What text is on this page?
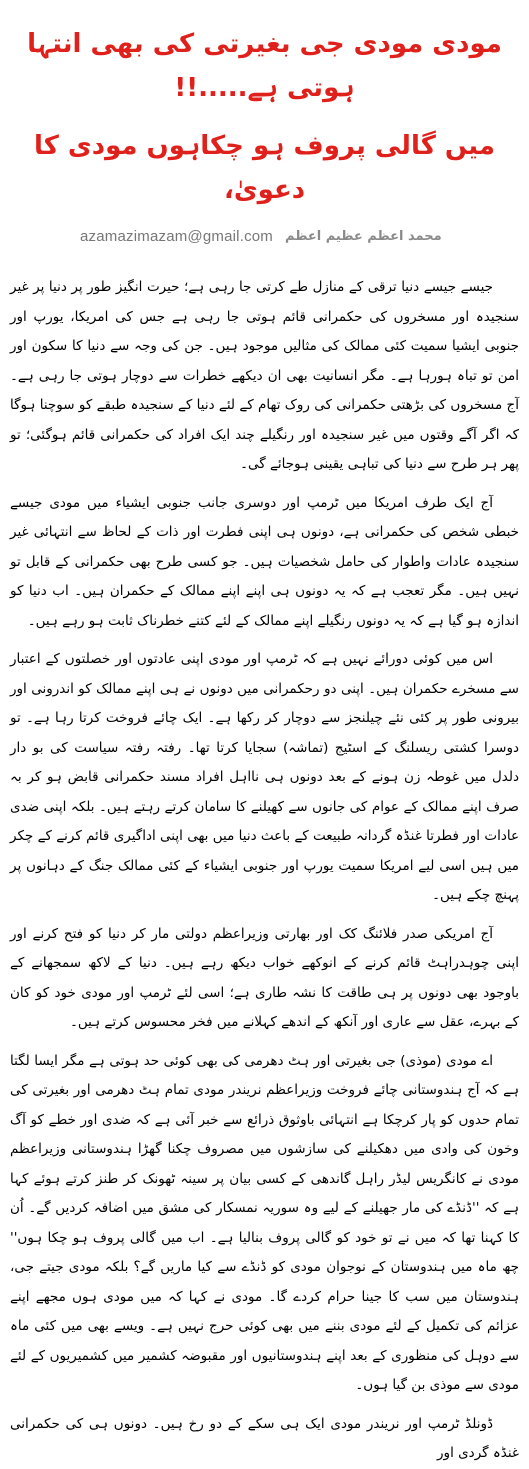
مودی مودی جی بغیرتی کی بھی انتہا ہوتی ہے.....!!
میں گالی پروف ہو چکاہوں مودی کا دعویٰ،
azamazimazam@gmail.com محمد اعظم عظیم اعظم

جیسے جیسے دنیا ترقی کے منازل طے کرتی جا رہی ہے؛ حیرت انگیز طور پر دنیا پر غیر سنجیدہ اور مسخروں کی حکمرانی قائم ہوتی جا رہی ہے جس کی امریکا، یورپ اور جنوبی ایشیا سمیت کئی ممالک کی مثالیں موجود ہیں۔ جن کی وجہ سے دنیا کا سکون اور امن تو تباہ ہورہا ہے۔ مگر انسانیت بھی ان دیکھے خطرات سے دوچار ہوتی جا رہی ہے۔ آج مسخروں کی بڑھتی حکمرانی کی روک تھام کے لئے دنیا کے سنجیدہ طبقے کو سوچنا ہوگا کہ اگر آگے وقتوں میں غیر سنجیدہ اور رنگیلے چند ایک افراد کی حکمرانی قائم ہوگئی؛ تو پھر ہر طرح سے دنیا کی تباہی یقینی ہوجائے گی۔

آج ایک طرف امریکا میں ٹرمپ اور دوسری جانب جنوبی ایشیاء میں مودی جیسے خبطی شخص کی حکمرانی ہے، دونوں ہی اپنی فطرت اور ذات کے لحاظ سے انتہائی غیر سنجیدہ عادات واطوار کی حامل شخصیات ہیں۔ جو کسی طرح بھی حکمرانی کے قابل تو نہیں ہیں۔ مگر تعجب ہے کہ یہ دونوں ہی اپنے اپنے ممالک کے حکمران ہیں۔ اب دنیا کو اندازہ ہو گیا ہے کہ یہ دونوں رنگیلے اپنے ممالک کے لئے کتنے خطرناک ثابت ہو رہے ہیں۔

اس میں کوئی دورائے نہیں ہے کہ ٹرمپ اور مودی اپنی عادتوں اور خصلتوں کے اعتبار سے مسخرے حکمران ہیں۔ اپنی دو رحکمرانی میں دونوں نے ہی اپنے ممالک کو اندرونی اور بیرونی طور پر کئی نئے چیلنجز سے دوچار کر رکھا ہے۔ ایک چائے فروخت کرتا رہا ہے۔ تو دوسرا کشتی ریسلنگ کے اسٹیج (تماشہ) سجایا کرتا تھا۔ رفتہ رفتہ سیاست کی بو دار دلدل میں غوطہ زن ہونے کے بعد دونوں ہی نااہل افراد مسند حکمرانی قابض ہو کر بہ صرف اپنے ممالک کے عوام کی جانوں سے کھیلنے کا سامان کرتے رہتے ہیں۔ بلکہ اپنی ضدی عادات اور فطرتا غنڈہ گردانہ طبیعت کے باعث دنیا میں بھی اپنی اداگیری قائم کرنے کے چکر میں ہیں اسی لیے امریکا سمیت یورپ اور جنوبی ایشیاء کے کئی ممالک جنگ کے دہانوں پر پہنچ چکے ہیں۔

آج امریکی صدر فلائنگ کک اور بھارتی وزیراعظم دولتی مار کر دنیا کو فتح کرنے اور اپنی چوہدراہٹ قائم کرنے کے انوکھے خواب دیکھ رہے ہیں۔ دنیا کے لاکھ سمجھانے کے باوجود بھی دونوں پر ہی طاقت کا نشہ طاری ہے؛ اسی لئے ٹرمپ اور مودی خود کو کان کے بہرے، عقل سے عاری اور آنکھ کے اندھے کہلانے میں فخر محسوس کرتے ہیں۔

اے مودی (موذی) جی بغیرتی اور ہٹ دھرمی کی بھی کوئی حد ہوتی ہے مگر ایسا لگتا ہے کہ آج ہندوستانی چائے فروخت وزیراعظم نریندر مودی تمام ہٹ دھرمی اور بغیرتی کی تمام حدوں کو پار کرچکا ہے انتہائی باوثوق ذرائع سے خبر آئی ہے کہ ضدی اور خطے کو آگ وخون کی وادی میں دھکیلنے کی سازشوں میں مصروف چکنا گھڑا ہندوستانی وزیراعظم مودی نے کانگریس لیڈر راہل گاندھی کے کسی بیان پر سینہ ٹھونک کر طنز کرتے ہوئے کہا ہے کہ ''ڈنڈے کی مار جھیلنے کے لیے وہ سوریہ نمسکار کی مشق میں اضافہ کردیں گے۔ اُن کا کہنا تھا کہ میں نے تو خود کو گالی پروف بنالیا ہے۔ اب میں گالی پروف ہو چکا ہوں'' چھ ماہ میں ہندوستان کے نوجوان مودی کو ڈنڈے سے کیا ماریں گے؟ بلکہ مودی جیتے جی، ہندوستان میں سب کا جینا حرام کردے گا۔ مودی نے کہا کہ میں مودی ہوں مجھے اپنے عزائم کی تکمیل کے لئے مودی بننے میں بھی کوئی حرج نہیں ہے۔ ویسے بھی میں کئی ماہ سے دوہل کی منظوری کے بعد اپنے ہندوستانیوں اور مقبوضہ کشمیر میں کشمیریوں کے لئے مودی سے موذی بن گیا ہوں۔

ڈونلڈ ٹرمپ اور نریندر مودی ایک ہی سکے کے دو رخ ہیں۔ دونوں ہی کی حکمرانی غنڈہ گردی اور
